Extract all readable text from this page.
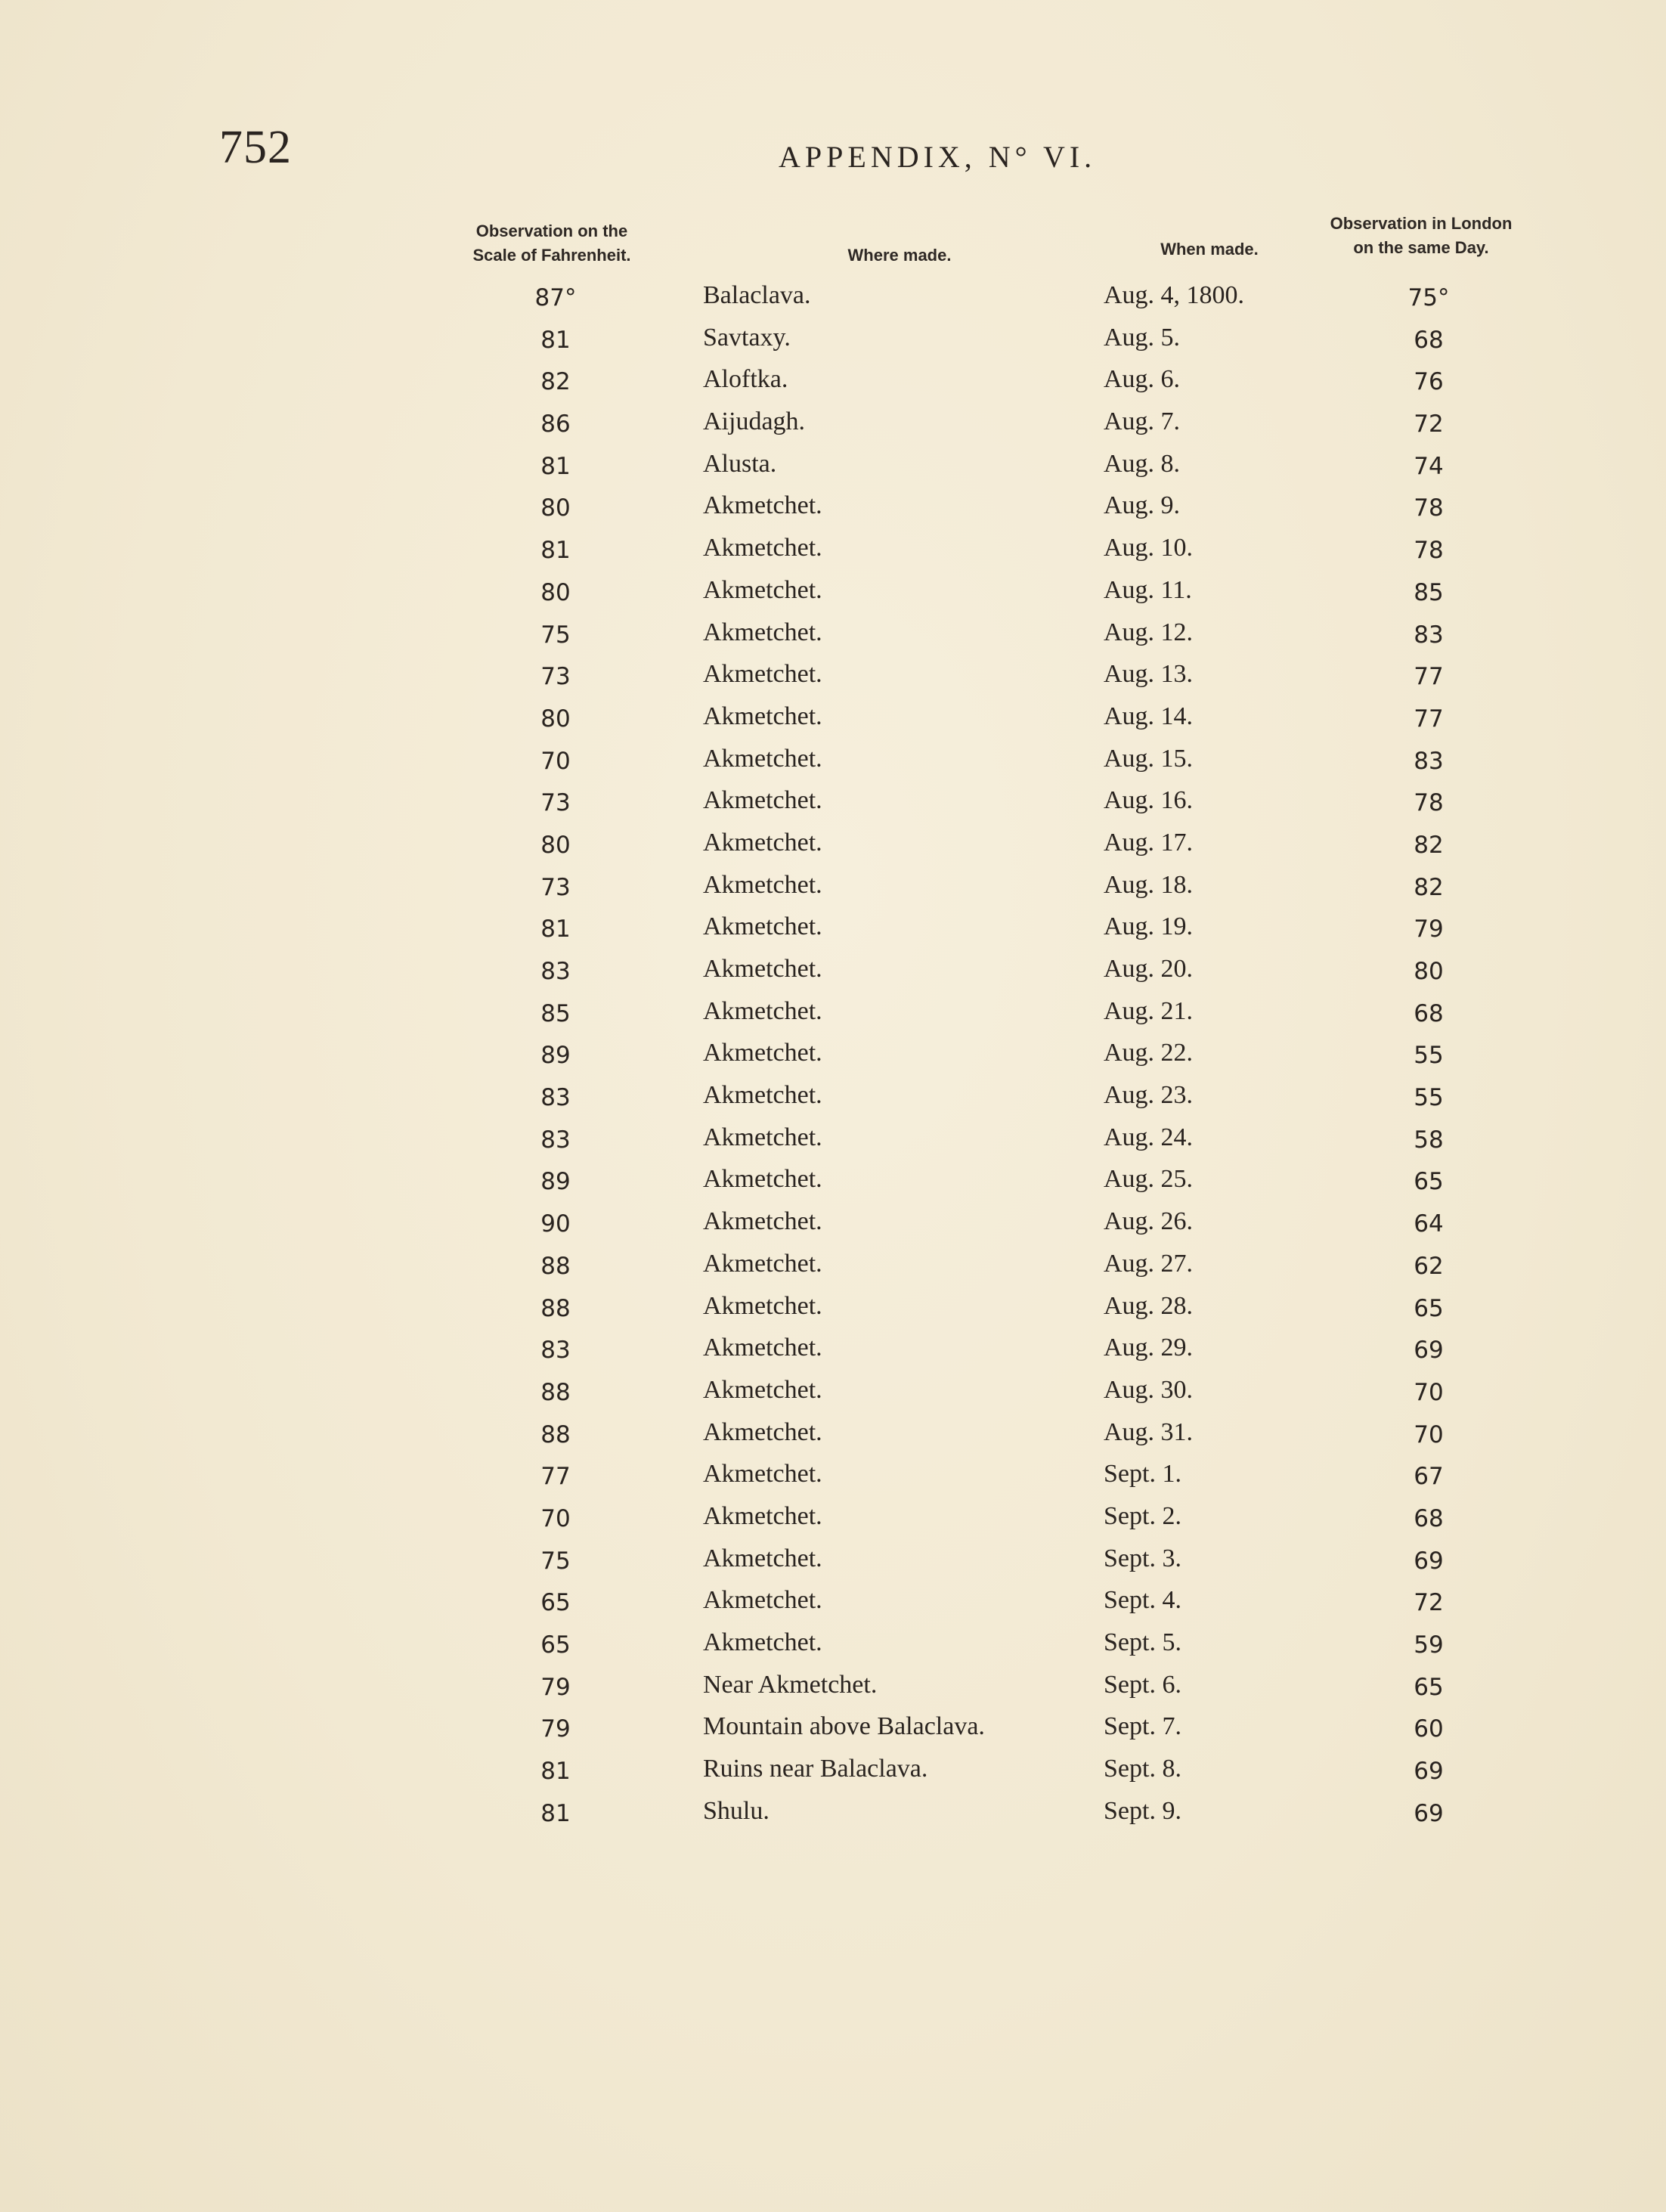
752	APPENDIX, N° VI.
Observation on the
Scale of Fahrenheit.	Where made.	When made.
Observation in London
on the same Day.
87°	Balaclava.	Aug. 4, 1800.	75°
81	Savtaxy.	Aug. 5.	68
82	Aloftka.	Aug. 6.	76
86	Aijudagh.	Aug. 7.	72
81	Alusta.	Aug. 8.	74
80	Akmetchet.	Aug. 9.	78
81	Akmetchet.	Aug. 10.	78
80	Akmetchet.	Aug. 11.	85
75	Akmetchet.	Aug. 12.	83
73	Akmetchet.	Aug. 13.	77
80	Akmetchet.	Aug. 14.	77
70	Akmetchet.	Aug. 15.	83
73	Akmetchet.	Aug. 16.	78
80	Akmetchet.	Aug. 17.	82
73	Akmetchet.	Aug. 18.	82
81	Akmetchet.	Aug. 19.	79
83	Akmetchet.	Aug. 20.	80
85	Akmetchet.	Aug. 21.	68
89	Akmetchet.	Aug. 22.	55
83	Akmetchet.	Aug. 23.	55
83	Akmetchet.	Aug. 24.	58
89	Akmetchet.	Aug. 25.	65
90	Akmetchet.	Aug. 26.	64
88	Akmetchet.	Aug. 27.	62
88	Akmetchet.	Aug. 28.	65
83	Akmetchet.	Aug. 29.	69
88	Akmetchet.	Aug. 30.	70
88	Akmetchet.	Aug. 31.	70
77	Akmetchet.	Sept. 1.	67
70	Akmetchet.	Sept. 2.	68
75	Akmetchet.	Sept. 3.	69
65	Akmetchet.	Sept. 4.	72
65	Akmetchet.	Sept. 5.	59
79	Near Akmetchet.	Sept. 6.	65
79	Mountain above Balaclava.	Sept. 7.	60
81	Ruins near Balaclava.	Sept. 8.	69
81	Shulu.	Sept. 9.	69
